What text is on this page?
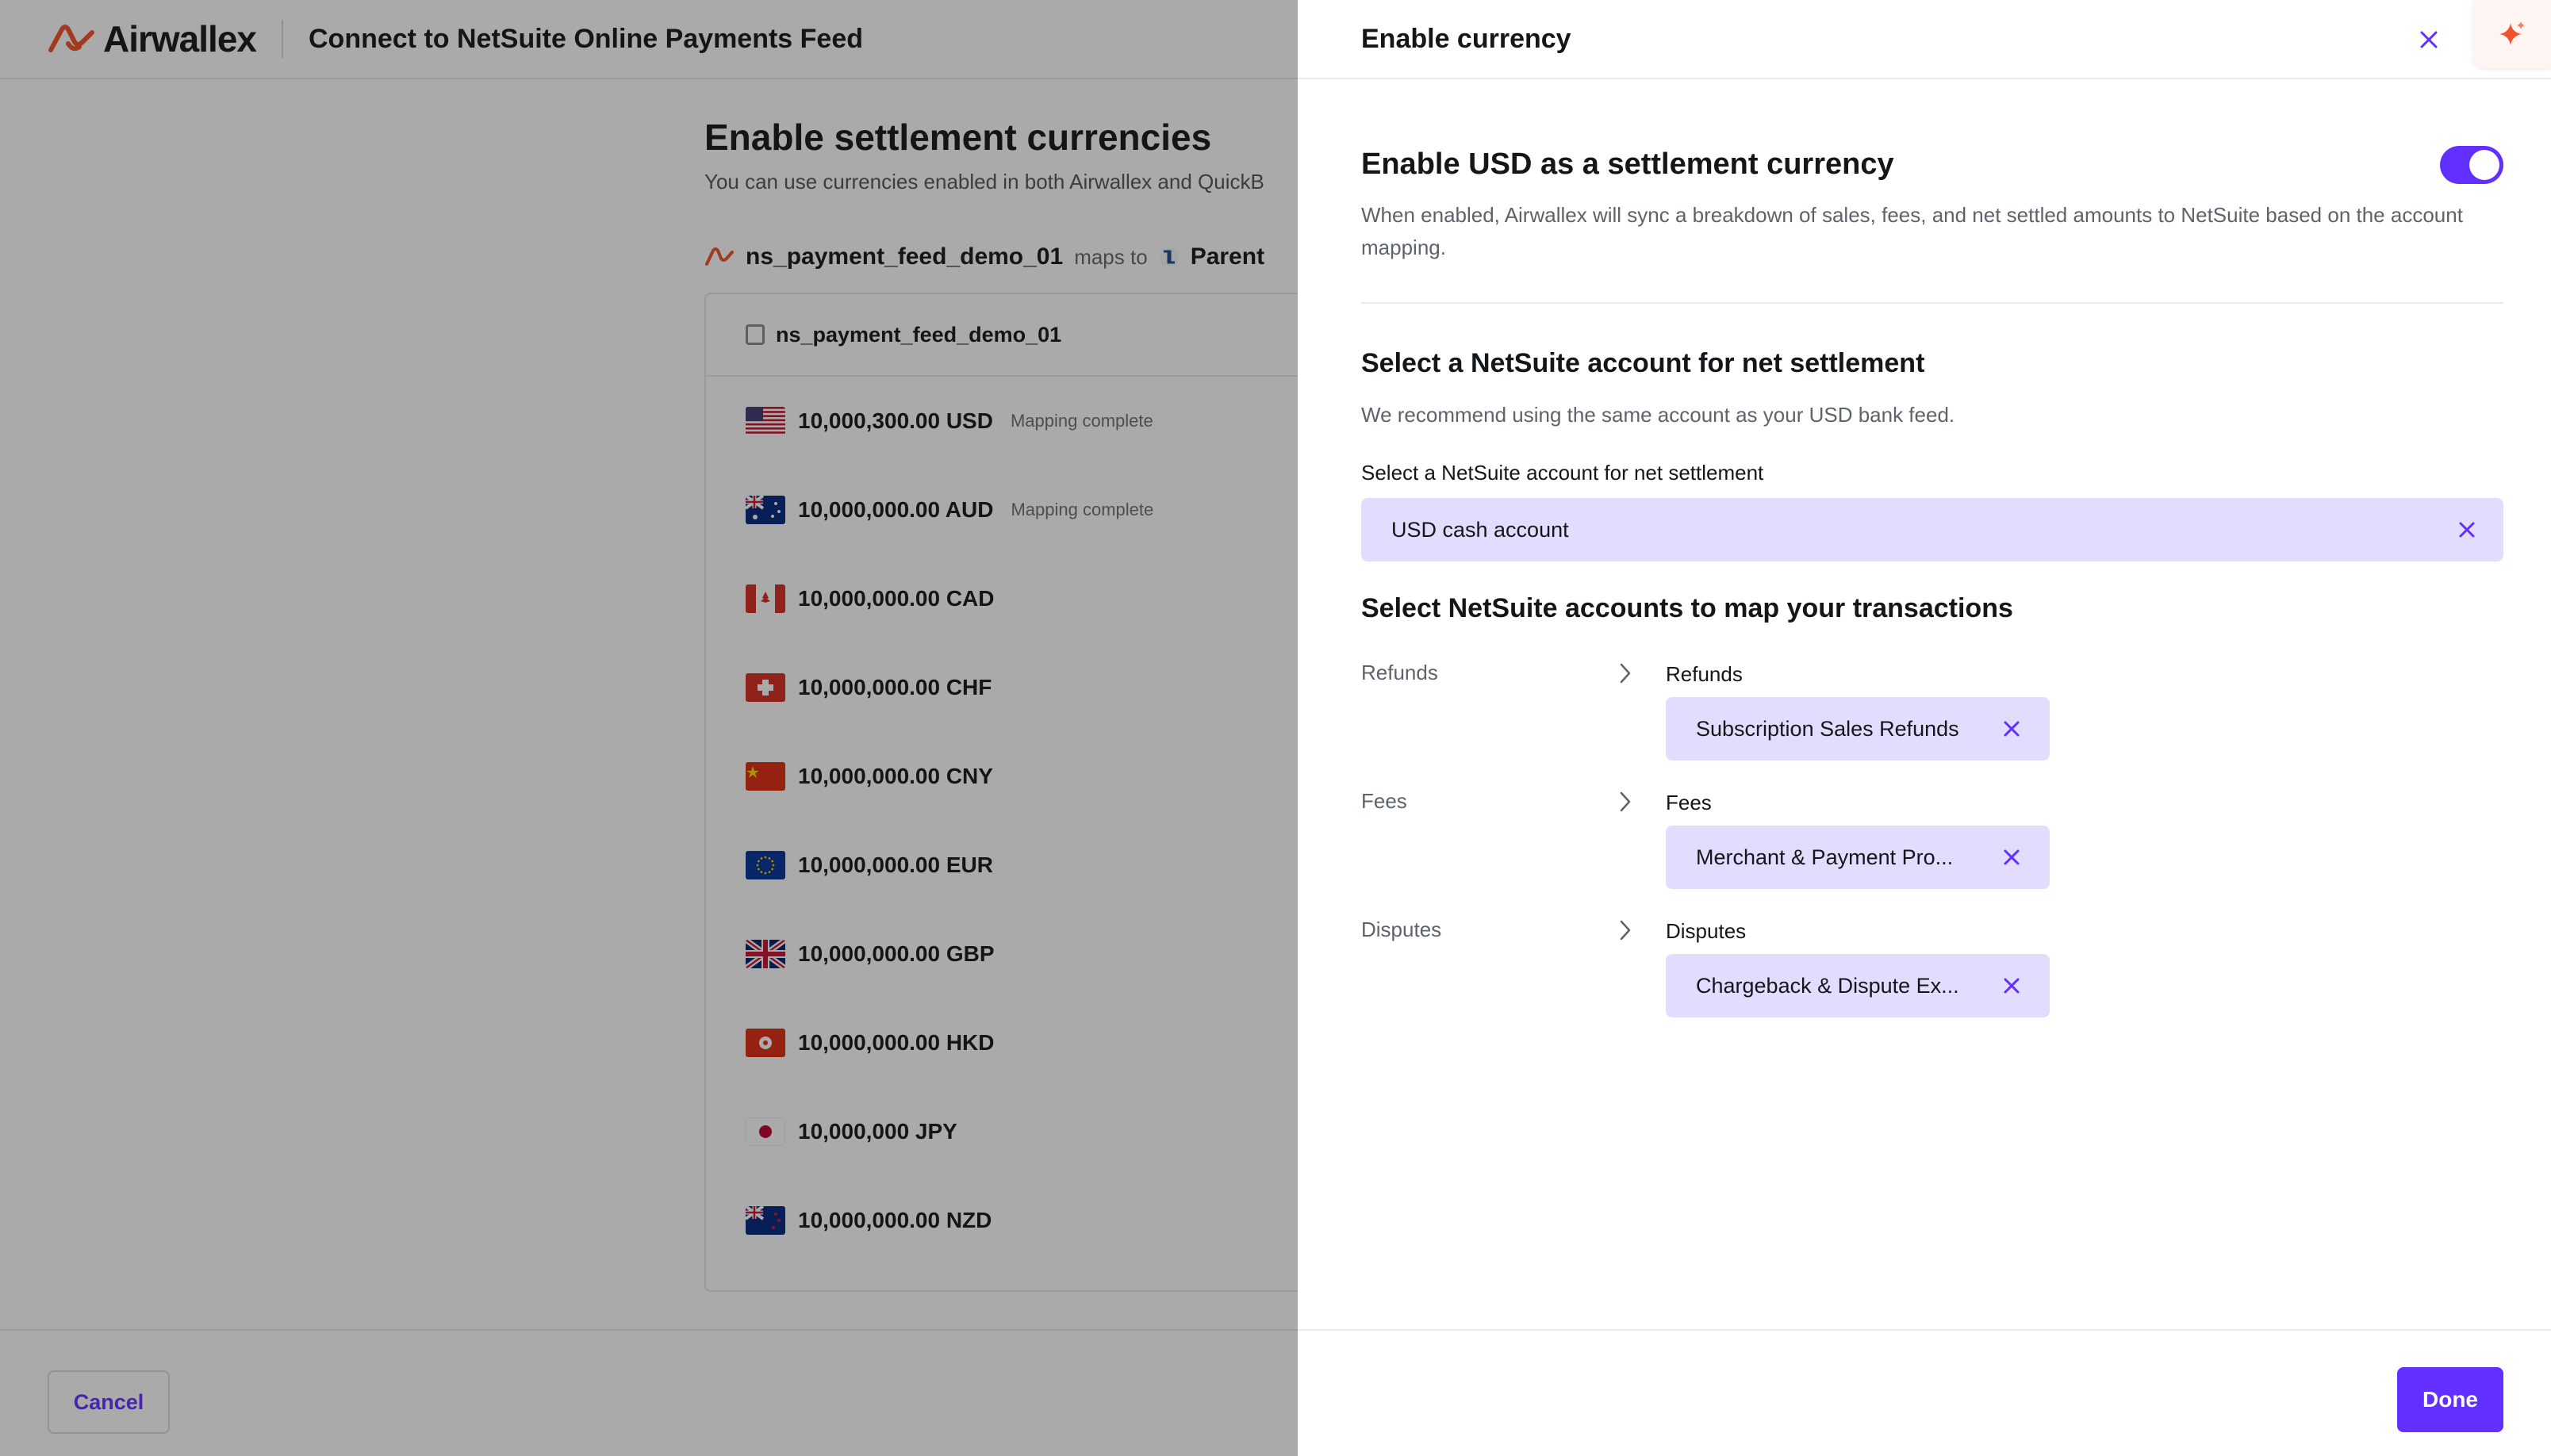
Airwallex Connect to NetSuite Online Payments Feed
Enable settlement currencies
You can use currencies enabled in both Airwallex and QuickB
ns_payment_feed_demo_01 maps to Parent
ns_payment_feed_demo_01
10,000,300.00 USD Mapping complete
10,000,000.00 AUD Mapping complete
10,000,000.00 CAD
10,000,000.00 CHF
10,000,000.00 CNY
10,000,000.00 EUR
10,000,000.00 GBP
10,000,000.00 HKD
10,000,000 JPY
10,000,000.00 NZD
Cancel
Enable currency
Enable USD as a settlement currency
When enabled, Airwallex will sync a breakdown of sales, fees, and net settled amounts to NetSuite based on the account mapping.
Select a NetSuite account for net settlement
We recommend using the same account as your USD bank feed.
Select a NetSuite account for net settlement
USD cash account
Select NetSuite accounts to map your transactions
Refunds	Refunds
Subscription Sales Refunds
Fees	Fees
Merchant & Payment Pro...
Disputes	Disputes
Chargeback & Dispute Ex...
Done
